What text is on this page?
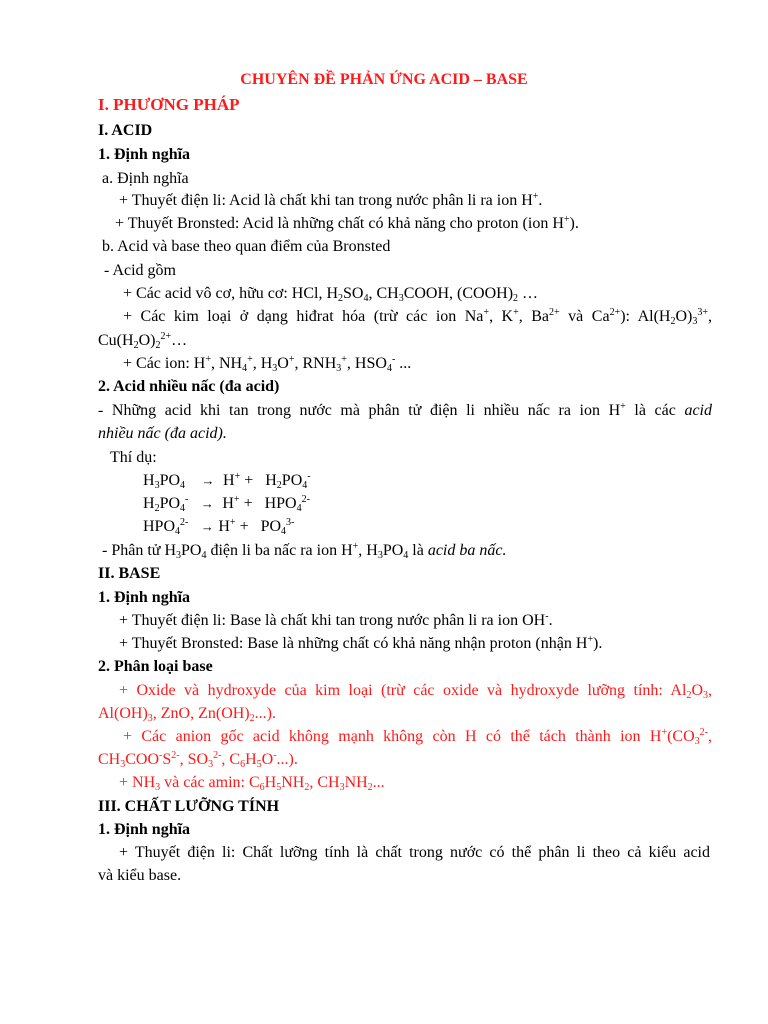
CHUYÊN ĐỀ PHẢN ỨNG ACID – BASE
I. PHƯƠNG PHÁP
I. ACID
1. Định nghĩa
a. Định nghĩa
+ Thuyết điện li: Acid là chất khi tan trong nước phân li ra ion H+.
+ Thuyết Bronsted: Acid là những chất có khả năng cho proton (ion H+).
b. Acid và base theo quan điểm của Bronsted
- Acid gồm
+ Các acid vô cơ, hữu cơ: HCl, $H_2SO_4$, $CH_3COOH$, $(COOH)_2$ …
+ Các kim loại ở dạng hiđrat hóa (trừ các ion Na+, K+, $Ba^{2+}$ và $Ca^{2+}$): $Al(H_2O)_3^{3+}$,
$Cu(H_2O)_2^{2+}\dots$
+ Các ion: H+, $NH_4^+$, $H_3O^+$, $RNH_3^+$, $HSO_4^-$ ...
2. Acid nhiều nấc (đa acid)
- Những acid khi tan trong nước mà phân tử điện li nhiều nấc ra ion H+ là các acid
nhiều nấc (đa acid).
Thí dụ:
$H_3PO_4 \to H^+ + H_2PO_4^-$
$H_2PO_4^- \to H^+ + HPO_4^{2-}$
$HPO_4^{2-} \to H^+ + PO_4^{3-}$
- Phân tử $H_3PO_4$ điện li ba nấc ra ion H+, $H_3PO_4$ là acid ba nấc.
II. BASE
1. Định nghĩa
+ Thuyết điện li: Base là chất khi tan trong nước phân li ra ion OH-.
+ Thuyết Bronsted: Base là những chất có khả năng nhận proton (nhận H+).
2. Phân loại base
+ Oxide và hydroxyde của kim loại (trừ các oxide và hydroxyde lưỡng tính: $Al_2O_3$,
$Al(OH)_3$, ZnO, $Zn(OH)_2$...).
+ Các anion gốc acid không mạnh không còn H có thể tách thành ion $H^+(CO_3^{2-}$,
$CH_3COO^-S^{2-}$, $SO_3^{2-}$, $C_6H_5O^-$...).
+ $NH_3$ và các amin: $C_6H_5NH_2$, $CH_3NH_2$...
III. CHẤT LƯỠNG TÍNH
1. Định nghĩa
+ Thuyết điện li: Chất lưỡng tính là chất trong nước có thể phân li theo cả kiểu acid
và kiểu base.
